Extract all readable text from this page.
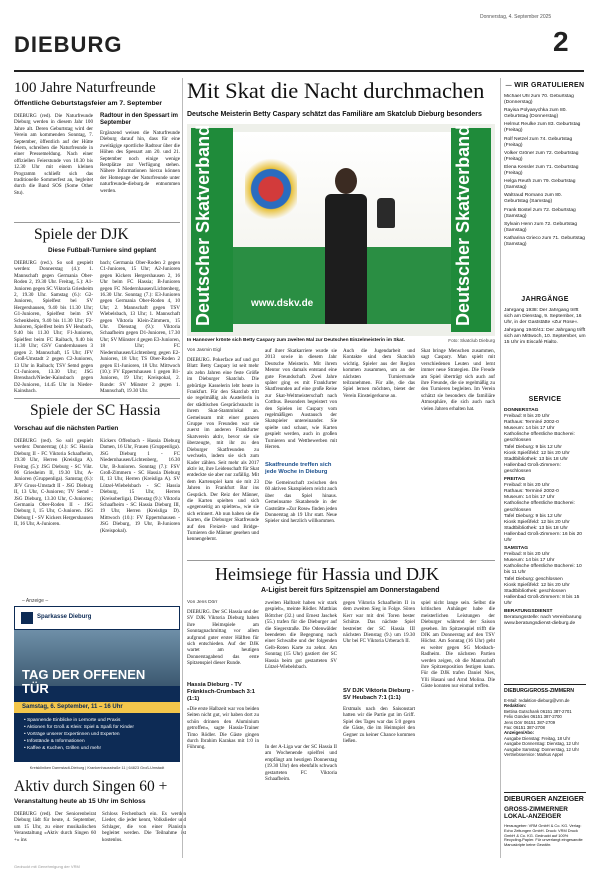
DIEBURG
Donnerstag, 4. September 2025
2
100 Jahre Naturfreunde
Öffentliche Geburtstagsfeier am 7. September
DIEBURG (red). Die Naturfreunde Dieburg werden in diesem Jahr 100 Jahre alt. Deren Geburtstag wird der Verein am kommenden Sonntag, 7. September, öffentlich auf der Hütte feiern, schreiben die Naturfreunde in einer Pressemeldung. Nach einer offiziellen Feierstunde von 10.30 bis 12.30 Uhr mit einem kleinen Programm schließt sich das traditionelle Sommerfest an, begleitet durch die Band SOS (Some Other Stu).
Radtour in den Spessart im September
Ergänzend weisen die Naturfreunde Dieburg darauf hin, dass für eine zweitägige sportliche Radtour über die Höhen des Spessart am 20. und 21. September noch einige wenige Restplätze zur Verfügung stehen. Nähere Informationen hierzu können der Homepage der Naturfreunde unter naturfreunde-dieburg.de entnommen werden.
Spiele der DJK
Diese Fußball-Turniere sind geplant
DIEBURG (red.). So soll gespielt werden: Donnerstag (4.): 1. Mannschaft gegen Germania Ober-Roden 2, 19.30 Uhr. Freitag, 5.): A1-Junioren gegen SC Viktoria Griesheim 2, 19.30 Uhr. Samstag (6.): G2-Junioren, Spielfest bei SV Hergershausen, 9.40 bis 11.30 Uhr; G1-Junioren, Spielfest beim SV Schenkheim, 9.40 bis 11.30 Uhr; F2-Junioren, Spielfest beim SV Heubach, 9.40 bis 11.30 Uhr; F1-Junioren, Spielfest beim FC Raibach, 9.40 bis 11.30 Uhr; GSV Gundernhausen 3 gegen 2. Mannschaft, 15 Uhr; JFV Groß-Umstadt 2 gegen C2-Junioren, 13 Uhr in Raibach; TSV Semd gegen C1-Junioren, 13.30 Uhr; JSG Brensbach/Nieder-Kainsbach gegen D2-Junioren, 14.45 Uhr in Nieder-Kainsbach.
bach; Germania Ober-Roden 2 gegen C1-Junioren, 15 Uhr; A2-Junioren gegen Kickers Hergershausen 2, 16 Uhr beim FC Hassia; B-Junioren gegen FC Niedernhausen/Lichtenberg, 16.30 Uhr. Sonntag (7.): E3-Junioren gegen Germania Ober-Roden 4, 10 Uhr; 2. Mannschaft gegen TSV Wiebelsbach, 13 Uhr; 1. Mannschaft gegen Viktoria Klein-Zimmern, 15 Uhr. Dienstag (9.): Viktoria Schaafheim gegen D1-Junioren, 17.30 Uhr; SV Münster 4 gegen E3-Junioren, 18 Uhr; FC Niedernhausen/Lichtenberg gegen E2-Junioren, 18 Uhr; TS Ober-Roden 2 gegen E1-Junioren, 18 Uhr. Mittwoch (10.): FV Eppertshausen 1 gegen B1-Junioren, 19 Uhr; Kreispokal, 2. Runde: SV Münster 2 gegen 1. Mannschaft, 19.30 Uhr.
Spiele der SC Hassia
Vorschau auf die nächsten Partien
DIEBURG (red). So soll gespielt werden: Donnerstag (4.): SC Hassia Dieburg II - FC Viktoria Schaafheim, 19.30 Uhr, Herren (Kreisliga A). Freitag (5.): JSG Dieburg - SC Vikt. 06 Griesheim II, 19.30 Uhr, A-Junioren (Gruppenliga). Samstag (6.): JFV Gross-Umstadt II - JSG Dieburg II, 13 Uhr, C-Junioren; TV Semd - JSG Dieburg, 13.30 Uhr, C-Junioren; Germania Ober-Roden II - JSG Dieburg I, 15 Uhr, C-Junioren. JSG Dieburg I - SV Kickers Hergershausen II, 16 Uhr, A-Junioren.
Kickers Offenbach - Hassia Dieburg Damen, 16 Uhr, Frauen (Gruppenliga). JSG Dieburg 1 - FC Niedernhausen/Lichtenberg, 16.30 Uhr, B-Junioren. Sonntag (7.): FSV Groß-Zimmern - SC Hassia Dieburg II, 13 Uhr, Herren (Kreisliga A). SV Lützel-Wiebelsbach - SC Hassia Dieburg, 15 Uhr, Herren (Kreisoberliga). Dienstag (9.): Viktoria Schaafheim - SC Hassia Dieburg III, 19 Uhr, Herren (Kreisliga D). Mittwoch (10.): FV Eppertshausen - JSG Dieburg, 19 Uhr, B-Junioren (Kreispokal).
– Anzeige –
Sparkasse Dieburg
TAG DER OFFENEN TÜR
Samstag, 6. September, 11 – 16 Uhr
• Spannende Einblicke in Lernorte und Praxis
• Aktionen für Groß & Klein: Spiel & Spaß für Kinder
• Vorträge unserer Expertinnen und Experten
• Infostände & Informationen
• Kaffee & Kuchen, Grillen und mehr
Kreiskliniken Darmstadt-Dieburg | Krankenhausstraße 11 | 64823 Groß-Umstadt
Aktiv durch Singen 60 +
Veranstaltung heute ab 15 Uhr im Schloss
DIEBURG (red). Der Seniorenbeirat Dieburg lädt für heute, 4. September, um 15 Uhr, zu einer musikalischen Veranstaltung »Aktiv durch Singen 60 +« ins
Schloss Fechenbach ein. Es werden Lieder, die jeder kennt, Volkslieder und Schlager, die von einer Pianistin begleitet werden. Die Teilnahme ist kostenlos.
Mit Skat die Nacht durchmachen
Deutsche Meisterin Betty Caspary schätzt das Familiäre am Skatclub Dieburg besonders
Deutscher Skatverband	Deutscher Skatverband
www.dskv.de
In Hannover krönte sich Betty Caspary zum zweiten Mal zur Deutschen Einzelmeisterin im Skat.	Foto: Skatclub Dieburg
Von Jasmin Eigl
DIEBURG. Pokerface auf und gut Blatt: Betty Caspary ist seit mehr als zehn Jahren eine feste Größe im Dieburger Skatclub. Die gebürtige Kasselerin lebt heute in Frankfurt. Für den Skatclub tritt sie regelmäßig als Austellerin in der städtischen Gesprächsnacht in ihrem Skat-Stammlokal an. Gemeinsam mit einer ganzen Gruppe von Freunden war sie zuerst im anderen Frankfurter Skatverein aktiv, bevor sie sie überzeugte, mit ihr zu den Dieburger Skatfreunden zu wechseln, indem sie sich zum Kader zählen. Seit mehr als 2017 aktiv ist, ihre Leidenschaft für Skat entdeckte sie aber nur zufällig. Mit dem Kartenspiel kam sie mit 23 Jahren in Frankfurt Bar ins Gespräch. Der Reiz der Männer, die Karten spielten und sich »gegenseitig an spielten«, wie sie sich erinnert. Ab nun haben sie die Karten, die Dieburger Skatfreunde auf den Freizeit- und Bridge-Turnieren die Männer gesehen und kennengelernt.
auf ihrer Skatkarriere wurde sie 2013 sowie in diesem Jahr Deutsche Meisterin. Mit ihrem Mentor von damals entstand eine gute Freundschaft. Zwei Jahre später ging es mit Frankfurter Skatfreunden auf eine große Reise zur Skat-Weltmeisterschaft nach Cottbus. Besonders begeistert von den Spielen ist Caspary vom regelmäßigen Austausch der Skatspieler untereinander. Sie spielte und schaut, wie Karten gespielt werden, auch in großen Turnieren und Wettbewerben mit Herren.
Skatfreunde treffen sich jede Woche in Dieburg
Die Gemeinschaft zwischen den 60 aktiven Skatspielern reicht auch über das Spiel hinaus. Gemeinsame Skatabende in der Gaststätte »Zur Rose« finden jeden Donnerstag ab 19 Uhr statt. Neue Spieler sind herzlich willkommen.
Auch die Jugendarbeit und Kontakte sind dem Skatclub wichtig. Spieler aus der Region kommen zusammen, um an der nächsten Turnierrunde teilzunehmen. Für alle, die das Spiel lernen möchten, bietet der Verein Einsteigerkurse an.
Skat bringe Menschen zusammen, sagt Caspary. Man spielt mit verschiedenen Leuten und lernt immer neue Strategien. Die Freude am Spiel überträgt sich auch auf ihre Freunde, die sie regelmäßig zu den Turnieren begleiten. Im Verein schätzt sie besonders die familiäre Atmosphäre, die sich auch nach vielen Jahren erhalten hat.
Heimsiege für Hassia und DJK
A-Ligist bereit fürs Spitzenspiel am Donnerstagabend
Von Jens Dörr
DIEBURG. Der SC Hassia und der SV DJK Viktoria Dieburg haben ihre Heimspiele am Sonntagnachmittag vor allem aufgrund guter erster Hälften für sich entschieden. Auf der DJK wartet am heutigen Donnerstagabend das erste Spitzenspiel dieser Runde.
Hassia Dieburg - TV Fränkisch-Crumbach 3:1 (1:1)
»Die erste Halbzeit war von beiden Seiten nicht gut, wir haben dort zu schön drinnen den Aluminium getroffen«, sagte Hassia-Trainer Timo Rödler. Die Gäste gingen durch Ibrahim Karakas mit 1:0 in Führung.
zweiten Halbzeit haben wir stark gespielt«, meinte Rödler. Matthias Böttcher (32.) und Ernest Jaschek (55.) trafen für die Dieburger auf die Siegerstraße. Die Odenwälder beendeten die Begegnung nach einer Schwalbe und der folgenden Gelb-Roten Karte zu zehnt. Am Sonntag (15 Uhr) gastiert der SC Hassia beim gut gestarteten SV Lützel-Wiebelsbach.
In der A-Liga war der SC Hassia II am Wochenende spielfrei und empfängt am heutigen Donnerstag (19.30 Uhr) den ebenfalls schwach gestarteten FC Viktoria Schaafheim.
gegen Viktoria Schaafheim II in dem zweiten Sieg in Folge. Sören Kerr war mit drei Toren bester Schütze. Das nächste Spiel bestreitet der SC Hassia III nächsten Dienstag (9.) um 19.30 Uhr bei FC Viktoria Urberach II.
SV DJK Viktoria Dieburg - SV Heubach 7:1 (1:1)
Erstmals nach den Saisonstart hatten wir die Partie gut im Griff. Spiel des Tages war das 5:0 gegen die Gäste, die im Heimspiel den Gegner zu keiner Chance kommen ließen.
spiel nicht lange sein. Selbst die kritischen Anhänger habe die meisterlichen Leistungen der Dieburger während der Saison gesehen. Im Spitzenspiel trifft die DJK am Donnerstag auf den TSV Höchst. Am Sonntag (16 Uhr) geht es weiter gegen SG Mosbach-Radheim. Die nächsten Partien werden zeigen, ob die Mannschaft ihre Spitzenposition festigen kann. Für die DJK trafen Daniel Nies, Ylli Hasani und Arnd Molina. Die Gäste konnten nur einmal treffen.
— WIR GRATULIEREN

Michael Uhl zum 70. Geburtstag (Donnerstag)

Rayisa Polyanychka zum 80. Geburtstag (Donnerstag)

Helmut Reulke zum 83. Geburtstag (Freitag)

Rolf Netzel zum 74. Geburtstag (Freitag)

Volker Gröner zum 72. Geburtstag (Freitag)

Elena Kessler zum 71. Geburtstag (Freitag)

Helga Reuth zum 79. Geburtstag (Samstag)

Waltraud Romano zum 80. Geburtstag (Samstag)

Frank Bostel zum 72. Geburtstag (Samstag)

Sylvain Henn zum 72. Geburtstag (Samstag)

Katharina Grieco zum 71. Geburtstag (Samstag)

JAHRGÄNGE

Jahrgang 1938: Der Jahrgang trifft sich am Dienstag, 9. September, 16 Uhr, in der Gaststätte »Zur Rose«.

Jahrgang 1940/41: Der Jahrgang trifft sich am Mittwoch, 10. September, um 15 Uhr im Eiscafé Rialto.

SERVICE
DONNERSTAG
Freibad: 8 bis 20 Uhr
Rathaus: Terminé 2002-0
Museum: 14 bis 17 Uhr
Katholische öffentliche Bücherei: geschlossen
Tafel Dieburg: 9 bis 12 Uhr
Kiosk Spießfeld: 12 bis 20 Uhr
Stadtbibliothek: 13 bis 18 Uhr
Hallenbad Groß-Zimmern: geschlossen
FREITAG
Freibad: 8 bis 20 Uhr
Rathaus: Terminé 2002-0
Museum: 14 bis 17 Uhr
Katholische öffentliche Bücherei: geschlossen
Tafel Dieburg: 9 bis 12 Uhr
Kiosk Spießfeld: 12 bis 20 Uhr
Stadtbibliothek: 13 bis 18 Uhr
Hallenbad Groß-Zimmern: 16 bis 20 Uhr
SAMSTAG
Freibad: 8 bis 20 Uhr
Museum: 14 bis 17 Uhr
Katholische öffentliche Bücherei: 10 bis 11 Uhr
Tafel Dieburg: geschlossen
Kiosk Spießfeld: 12 bis 20 Uhr
Stadtbibliothek: geschlossen
Hallenbad Groß-Zimmern: 8 bis 15 Uhr
BERATUNGSDIENST
Beratungsstelle: nach Vereinbarung
www.beratungsdienst-dieburg.de
DIEBURG/GROSS-ZIMMERN
E-Mail: redaktion-dieburg@vrm.de
Redaktion:
Bettina Gutschank 06151 387-2701
Felix Gündes 06151 387-2700
Jens Dörr 06151 387-2709
Fax: 06151 387-2708
Anzeigen/Abo:
Ausgabe Dienstag: Freitag, 18 Uhr
Ausgabe Donnerstag: Dienstag, 12 Uhr
Ausgabe Samstag: Donnerstag, 12 Uhr
Vertriebsservice: Markus Appel
DIEBURGER ANZEIGER
GROSS-ZIMMERNER LOKAL-ANZEIGER
Herausgeber: VRM GmbH & Co. KG. Verlag: Echo Zeitungen GmbH. Druck: VRM Druck GmbH & Co. KG. Gedruckt auf 100% Recycling-Papier. Für unverlangt eingesandte Manuskripte keine Gewähr.
Gedruckt mit Genehmigung der VRM
